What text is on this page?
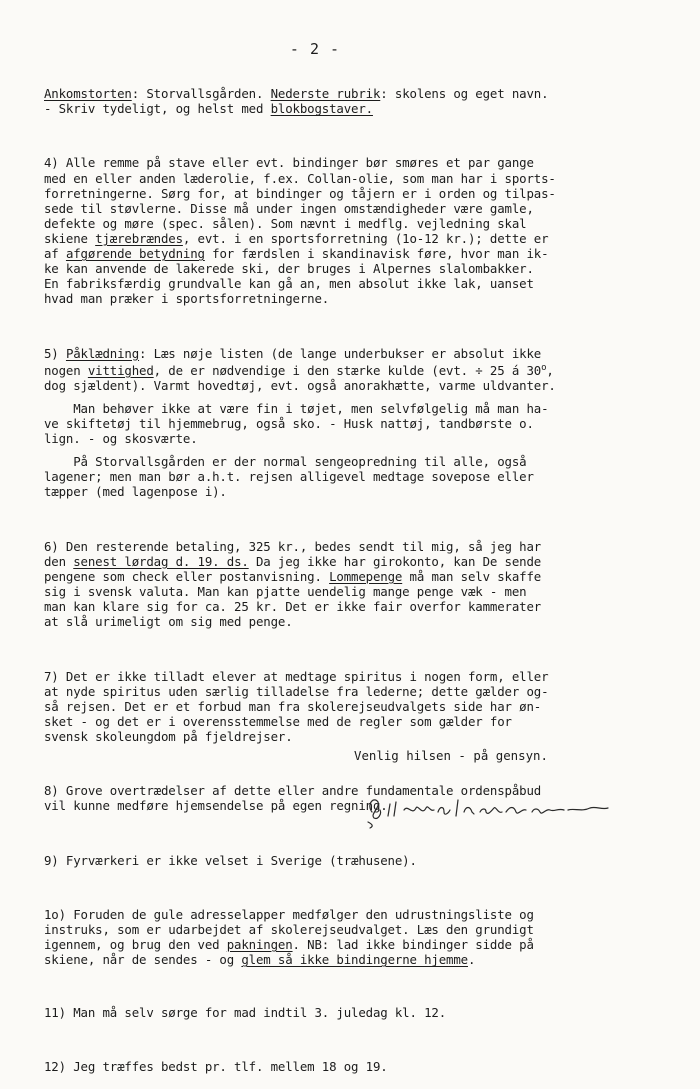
- 2 -

Ankomstorten: Storvallsgården. Nederste rubrik: skolens og eget navn.
- Skriv tydeligt, og helst med blokbogstaver.

4) Alle remme på stave eller evt. bindinger bør smøres et par gange
med en eller anden læderolie, f.ex. Collan-olie, som man har i sports-
forretningerne. Sørg for, at bindinger og tåjern er i orden og tilpas-
sede til støvlerne. Disse må under ingen omstændigheder være gamle,
defekte og møre (spec. sålen). Som nævnt i medflg. vejledning skal
skiene tjærebrændes, evt. i en sportsforretning (1o-12 kr.); dette er
af afgørende betydning for færdslen i skandinavisk føre, hvor man ik-
ke kan anvende de lakerede ski, der bruges i Alpernes slalombakker.
En fabriksfærdig grundvalle kan gå an, men absolut ikke lak, uanset
hvad man præker i sportsforretningerne.

5) Påklædning: Læs nøje listen (de lange underbukser er absolut ikke
nogen vittighed, de er nødvendige i den stærke kulde (evt. ÷ 25 á 30$^o$,
dog sjældent). Varmt hovedtøj, evt. også anorakhætte, varme uldvanter.
Man behøver ikke at være fin i tøjet, men selvfølgelig må man ha-
ve skiftetøj til hjemmebrug, også sko. - Husk nattøj, tandbørste o.
lign. - og skosværte.
På Storvallsgården er der normal sengeopredning til alle, også
lagener; men man bør a.h.t. rejsen alligevel medtage sovepose eller
tæpper (med lagenpose i).

6) Den resterende betaling, 325 kr., bedes sendt til mig, så jeg har
den senest lørdag d. 19. ds. Da jeg ikke har girokonto, kan De sende
pengene som check eller postanvisning. Lommepenge må man selv skaffe
sig i svensk valuta. Man kan pjatte uendelig mange penge væk - men
man kan klare sig for ca. 25 kr. Det er ikke fair overfor kammerater
at slå urimeligt om sig med penge.

7) Det er ikke tilladt elever at medtage spiritus i nogen form, eller
at nyde spiritus uden særlig tilladelse fra lederne; dette gælder og-
så rejsen. Det er et forbud man fra skolerejseudvalgets side har øn-
sket - og det er i overensstemmelse med de regler som gælder for
svensk skoleungdom på fjeldrejser.

8) Grove overtrædelser af dette eller andre fundamentale ordenspåbud
vil kunne medføre hjemsendelse på egen regning.

9) Fyrværkeri er ikke velset i Sverige (træhusene).

1o) Foruden de gule adresselapper medfølger den udrustningsliste og
instruks, som er udarbejdet af skolerejseudvalget. Læs den grundigt
igennem, og brug den ved pakningen. NB: lad ikke bindinger sidde på
skiene, når de sendes - og glem så ikke bindingerne hjemme.

11) Man må selv sørge for mad indtil 3. juledag kl. 12.

12) Jeg træffes bedst pr. tlf. mellem 18 og 19.

Venlig hilsen - på gensyn.
